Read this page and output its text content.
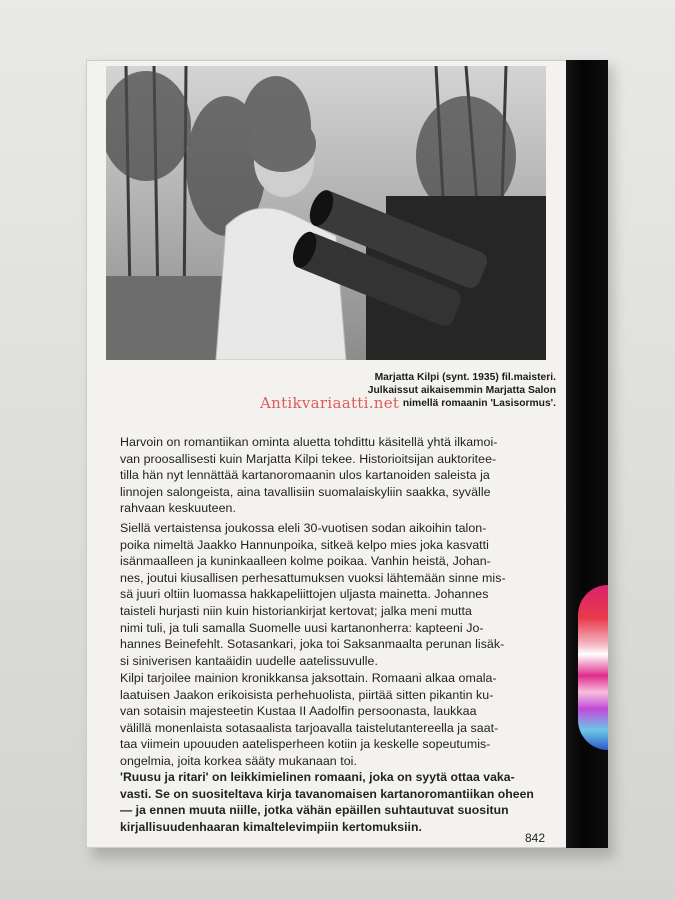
Marjatta Kilpi (synt. 1935) fil.maisteri.
Julkaissut aikaisemmin Marjatta Salon
nimellä romaanin 'Lasisormus'.
Antikvariaatti.net
Harvoin on romantiikan ominta aluetta tohdittu käsitellä yhtä ilkamoi-
van proosallisesti kuin Marjatta Kilpi tekee. Historioitsijan auktoritee-
tilla hän nyt lennättää kartanoromaanin ulos kartanoiden saleista ja
linnojen salongeista, aina tavallisiin suomalaiskyliin saakka, syvälle
rahvaan keskuuteen.
Siellä vertaistensa joukossa eleli 30-vuotisen sodan aikoihin talon-
poika nimeltä Jaakko Hannunpoika, sitkeä kelpo mies joka kasvatti
isänmaalleen ja kuninkaalleen kolme poikaa. Vanhin heistä, Johan-
nes, joutui kiusallisen perhesattumuksen vuoksi lähtemään sinne mis-
sä juuri oltiin luomassa hakkapeliittojen uljasta mainetta. Johannes
taisteli hurjasti niin kuin historiankirjat kertovat; jalka meni mutta
nimi tuli, ja tuli samalla Suomelle uusi kartanonherra: kapteeni Jo-
hannes Beinefehlt. Sotasankari, joka toi Saksanmaalta perunan lisäk-
si siniverisen kantaäidin uudelle aatelissuvulle.
Kilpi tarjoilee mainion kronikkansa jaksottain. Romaani alkaa omala-
laatuisen Jaakon erikoisista perhehuolista, piirtää sitten pikantin ku-
van sotaisin majesteetin Kustaa II Aadolfin persoonasta, laukkaa
välillä monenlaista sotasaalista tarjoavalla taistelutantereella ja saat-
taa viimein upouuden aatelisperheen kotiin ja keskelle sopeutumis-
ongelmia, joita korkea sääty mukanaan toi.
'Ruusu ja ritari' on leikkimielinen romaani, joka on syytä ottaa vaka-
vasti. Se on suositeltava kirja tavanomaisen kartanoromantiikan oheen
— ja ennen muuta niille, jotka vähän epäillen suhtautuvat suositun
kirjallisuudenhaaran kimaltelevimpiin kertomuksiin.
842
